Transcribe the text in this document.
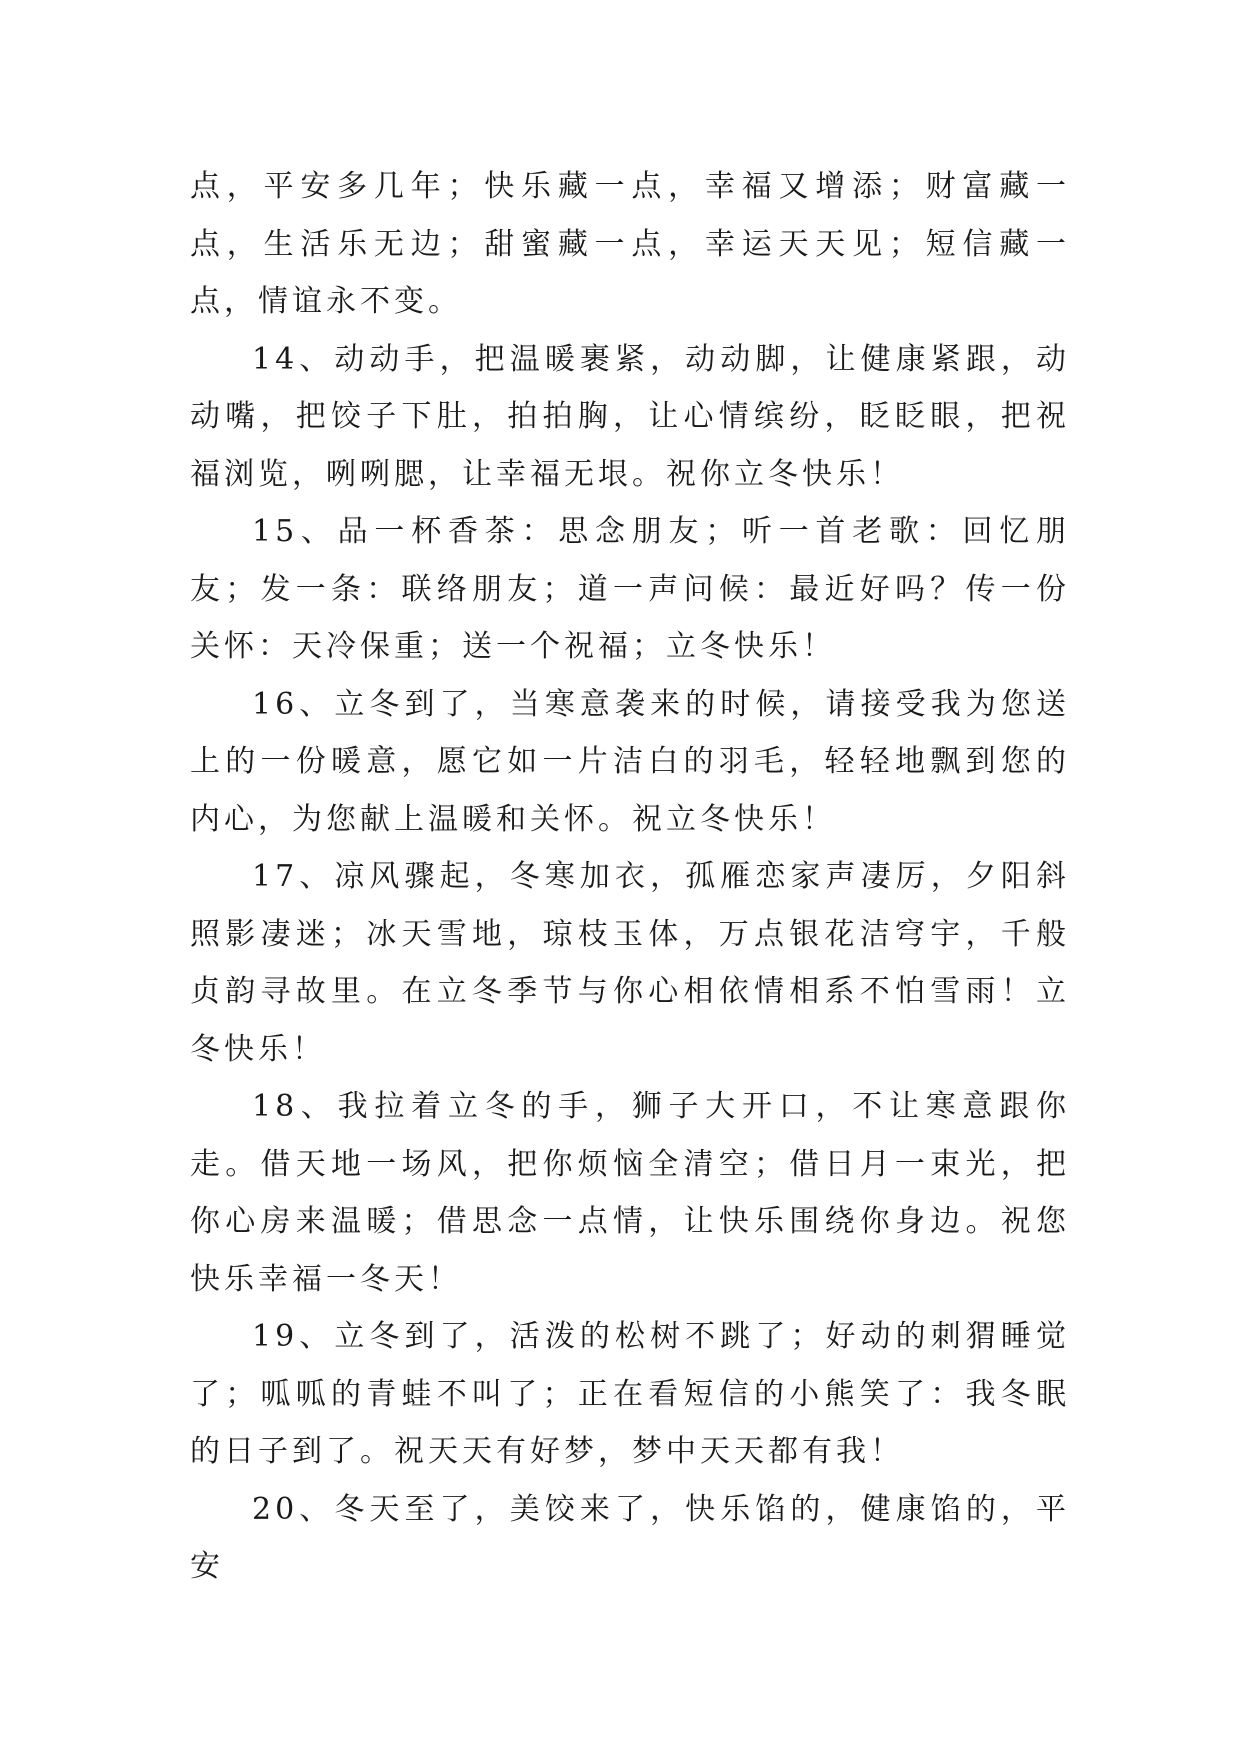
点，平安多几年；快乐藏一点，幸福又增添；财富藏一点，生活乐无边；甜蜜藏一点，幸运天天见；短信藏一点，情谊永不变。

14、动动手，把温暖裹紧，动动脚，让健康紧跟，动动嘴，把饺子下肚，拍拍胸，让心情缤纷，眨眨眼，把祝福浏览，咧咧腮，让幸福无垠。祝你立冬快乐！

15、品一杯香茶：思念朋友；听一首老歌：回忆朋友；发一条：联络朋友；道一声问候：最近好吗？传一份关怀：天冷保重；送一个祝福；立冬快乐！

16、立冬到了，当寒意袭来的时候，请接受我为您送上的一份暖意，愿它如一片洁白的羽毛，轻轻地飘到您的内心，为您献上温暖和关怀。祝立冬快乐！

17、凉风骤起，冬寒加衣，孤雁恋家声凄厉，夕阳斜照影凄迷；冰天雪地，琼枝玉体，万点银花洁穹宇，千般贞韵寻故里。在立冬季节与你心相依情相系不怕雪雨！立冬快乐！

18、我拉着立冬的手，狮子大开口，不让寒意跟你走。借天地一场风，把你烦恼全清空；借日月一束光，把你心房来温暖；借思念一点情，让快乐围绕你身边。祝您快乐幸福一冬天！

19、立冬到了，活泼的松树不跳了；好动的刺猬睡觉了；呱呱的青蛙不叫了；正在看短信的小熊笑了：我冬眠的日子到了。祝天天有好梦，梦中天天都有我！

20、冬天至了，美饺来了，快乐馅的，健康馅的，平安
